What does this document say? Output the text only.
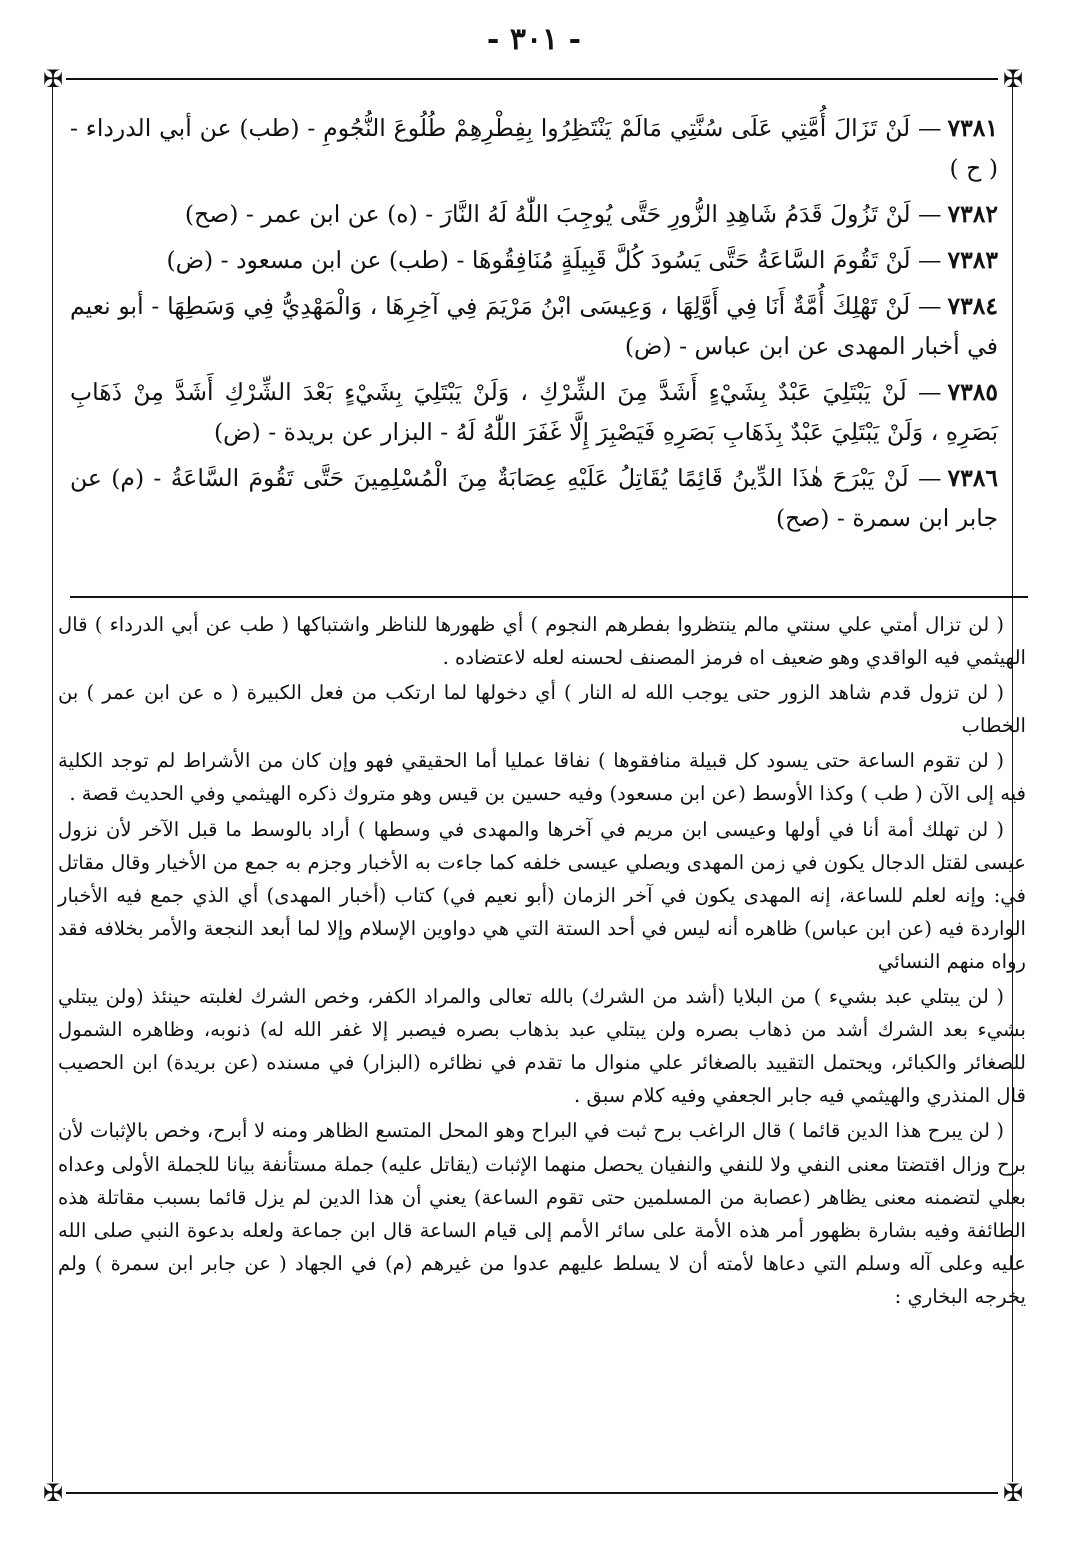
- ٣٠١ -
✠	✠
✠	✠

٧٣٨١— لَنْ تَزَالَ أُمَّتِي عَلَى سُنَّتِي مَالَمْ يَنْتَظِرُوا بِفِطْرِهِمْ طُلُوعَ النُّجُومِ - (طب) عن أبي الدرداء - ( ح )

٧٣٨٢— لَنْ تَزُولَ قَدَمُ شَاهِدِ الزُّورِ حَتَّى يُوجِبَ اللّٰهُ لَهُ النَّارَ - (ه) عن ابن عمر - (صح)

٧٣٨٣— لَنْ تَقُومَ السَّاعَةُ حَتَّى يَسُودَ كُلَّ قَبِيلَةٍ مُنَافِقُوهَا - (طب) عن ابن مسعود - (ض)

٧٣٨٤— لَنْ تَهْلِكَ أُمَّةٌ أَنَا فِي أَوَّلِهَا ، وَعِيسَى ابْنُ مَرْيَمَ فِي آخِرِهَا ، وَالْمَهْدِيُّ فِي وَسَطِهَا - أبو نعيم في أخبار المهدى عن ابن عباس - (ض)

٧٣٨٥— لَنْ يَبْتَلِيَ عَبْدٌ بِشَيْءٍ أَشَدَّ مِنَ الشِّرْكِ ، وَلَنْ يَبْتَلِيَ بِشَيْءٍ بَعْدَ الشِّرْكِ أَشَدَّ مِنْ ذَهَابِ بَصَرِهِ ، وَلَنْ يَبْتَلِيَ عَبْدٌ بِذَهَابِ بَصَرِهِ فَيَصْبِرَ إِلَّا غَفَرَ اللّٰهُ لَهُ - البزار عن بريدة - (ض)

٧٣٨٦— لَنْ يَبْرَحَ هٰذَا الدِّينُ قَائِمًا يُقَاتِلُ عَلَيْهِ عِصَابَةٌ مِنَ الْمُسْلِمِينَ حَتَّى تَقُومَ السَّاعَةُ - (م) عن جابر ابن سمرة - (صح)

( لن تزال أمتي علي سنتي مالم ينتظروا بفطرهم النجوم ) أي ظهورها للناظر واشتباكها ( طب عن أبي الدرداء ) قال الهيثمي فيه الواقدي وهو ضعيف اه فرمز المصنف لحسنه لعله لاعتضاده .

( لن تزول قدم شاهد الزور حتى يوجب الله له النار ) أي دخولها لما ارتكب من فعل الكبيرة ( ه عن ابن عمر ) بن الخطاب

( لن تقوم الساعة حتى يسود كل قبيلة منافقوها ) نفاقا عمليا أما الحقيقي فهو وإن كان من الأشراط لم توجد الكلية فيه إلى الآن ( طب ) وكذا الأوسط (عن ابن مسعود) وفيه حسين بن قيس وهو متروك ذكره الهيثمي وفي الحديث قصة .

( لن تهلك أمة أنا في أولها وعيسى ابن مريم في آخرها والمهدى في وسطها ) أراد بالوسط ما قبل الآخر لأن نزول عيسى لقتل الدجال يكون في زمن المهدى ويصلي عيسى خلفه كما جاءت به الأخبار وجزم به جمع من الأخيار وقال مقاتل في: وإنه لعلم للساعة، إنه المهدى يكون في آخر الزمان (أبو نعيم في) كتاب (أخبار المهدى) أي الذي جمع فيه الأخبار الواردة فيه (عن ابن عباس) ظاهره أنه ليس في أحد الستة التي هي دواوين الإسلام وإلا لما أبعد النجعة والأمر بخلافه فقد رواه منهم النسائي

( لن يبتلي عبد بشيء ) من البلايا (أشد من الشرك) بالله تعالى والمراد الكفر، وخص الشرك لغلبته حينئذ (ولن يبتلي بشيء بعد الشرك أشد من ذهاب بصره ولن يبتلي عبد بذهاب بصره فيصبر إلا غفر الله له) ذنوبه، وظاهره الشمول للصغائر والكبائر، ويحتمل التقييد بالصغائر علي منوال ما تقدم في نظائره (البزار) في مسنده (عن بريدة) ابن الحصيب قال المنذري والهيثمي فيه جابر الجعفي وفيه كلام سبق .

( لن يبرح هذا الدين قائما ) قال الراغب برح ثبت في البراح وهو المحل المتسع الظاهر ومنه لا أبرح، وخص بالإثبات لأن برح وزال اقتضتا معنى النفي ولا للنفي والنفيان يحصل منهما الإثبات (يقاتل عليه) جملة مستأنفة بيانا للجملة الأولى وعداه بعلي لتضمنه معنى يظاهر (عصابة من المسلمين حتى تقوم الساعة) يعني أن هذا الدين لم يزل قائما بسبب مقاتلة هذه الطائفة وفيه بشارة بظهور أمر هذه الأمة على سائر الأمم إلى قيام الساعة قال ابن جماعة ولعله بدعوة النبي صلى الله عليه وعلى آله وسلم التي دعاها لأمته أن لا يسلط عليهم عدوا من غيرهم (م) في الجهاد ( عن جابر ابن سمرة ) ولم يخرجه البخاري :
